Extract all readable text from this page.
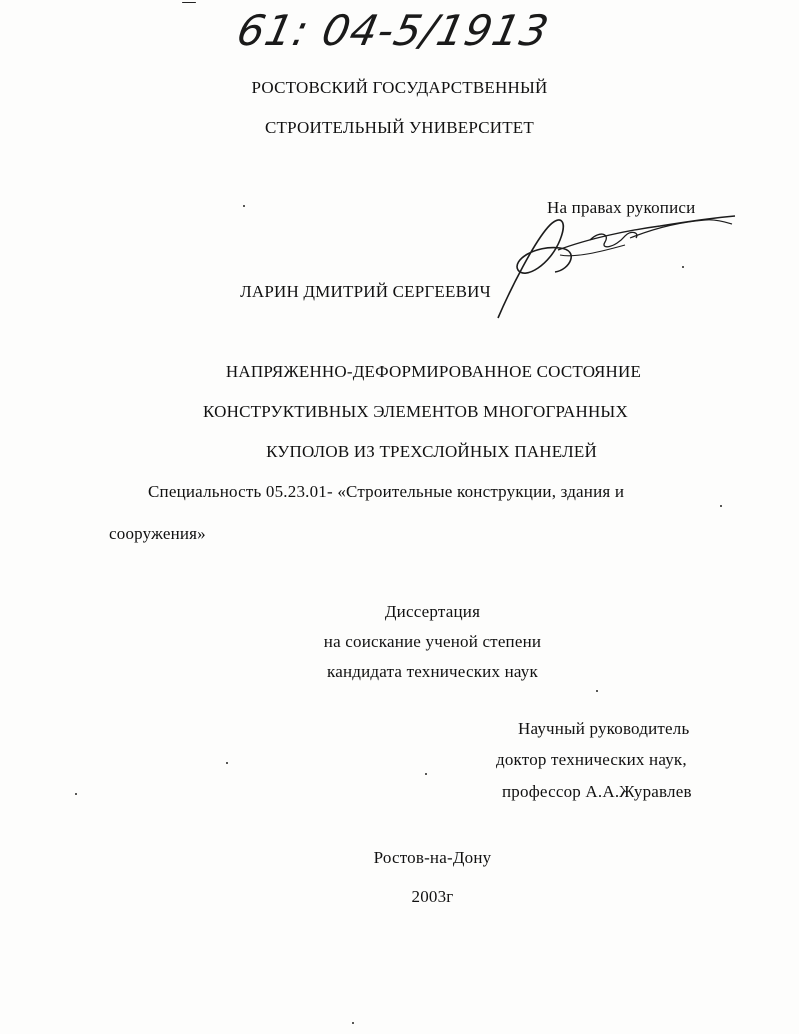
61: 04-5/1913
РОСТОВСКИЙ ГОСУДАРСТВЕННЫЙ
СТРОИТЕЛЬНЫЙ УНИВЕРСИТЕТ
На правах рукописи
ЛАРИН ДМИТРИЙ СЕРГЕЕВИЧ
НАПРЯЖЕННО-ДЕФОРМИРОВАННОЕ СОСТОЯНИЕ
КОНСТРУКТИВНЫХ ЭЛЕМЕНТОВ МНОГОГРАННЫХ
КУПОЛОВ ИЗ ТРЕХСЛОЙНЫХ ПАНЕЛЕЙ
Специальность 05.23.01- «Строительные конструкции, здания и
сооружения»
Диссертация
на соискание ученой степени
кандидата технических наук
Научный руководитель
доктор технических наук,
профессор А.А.Журавлев
Ростов-на-Дону
2003г
